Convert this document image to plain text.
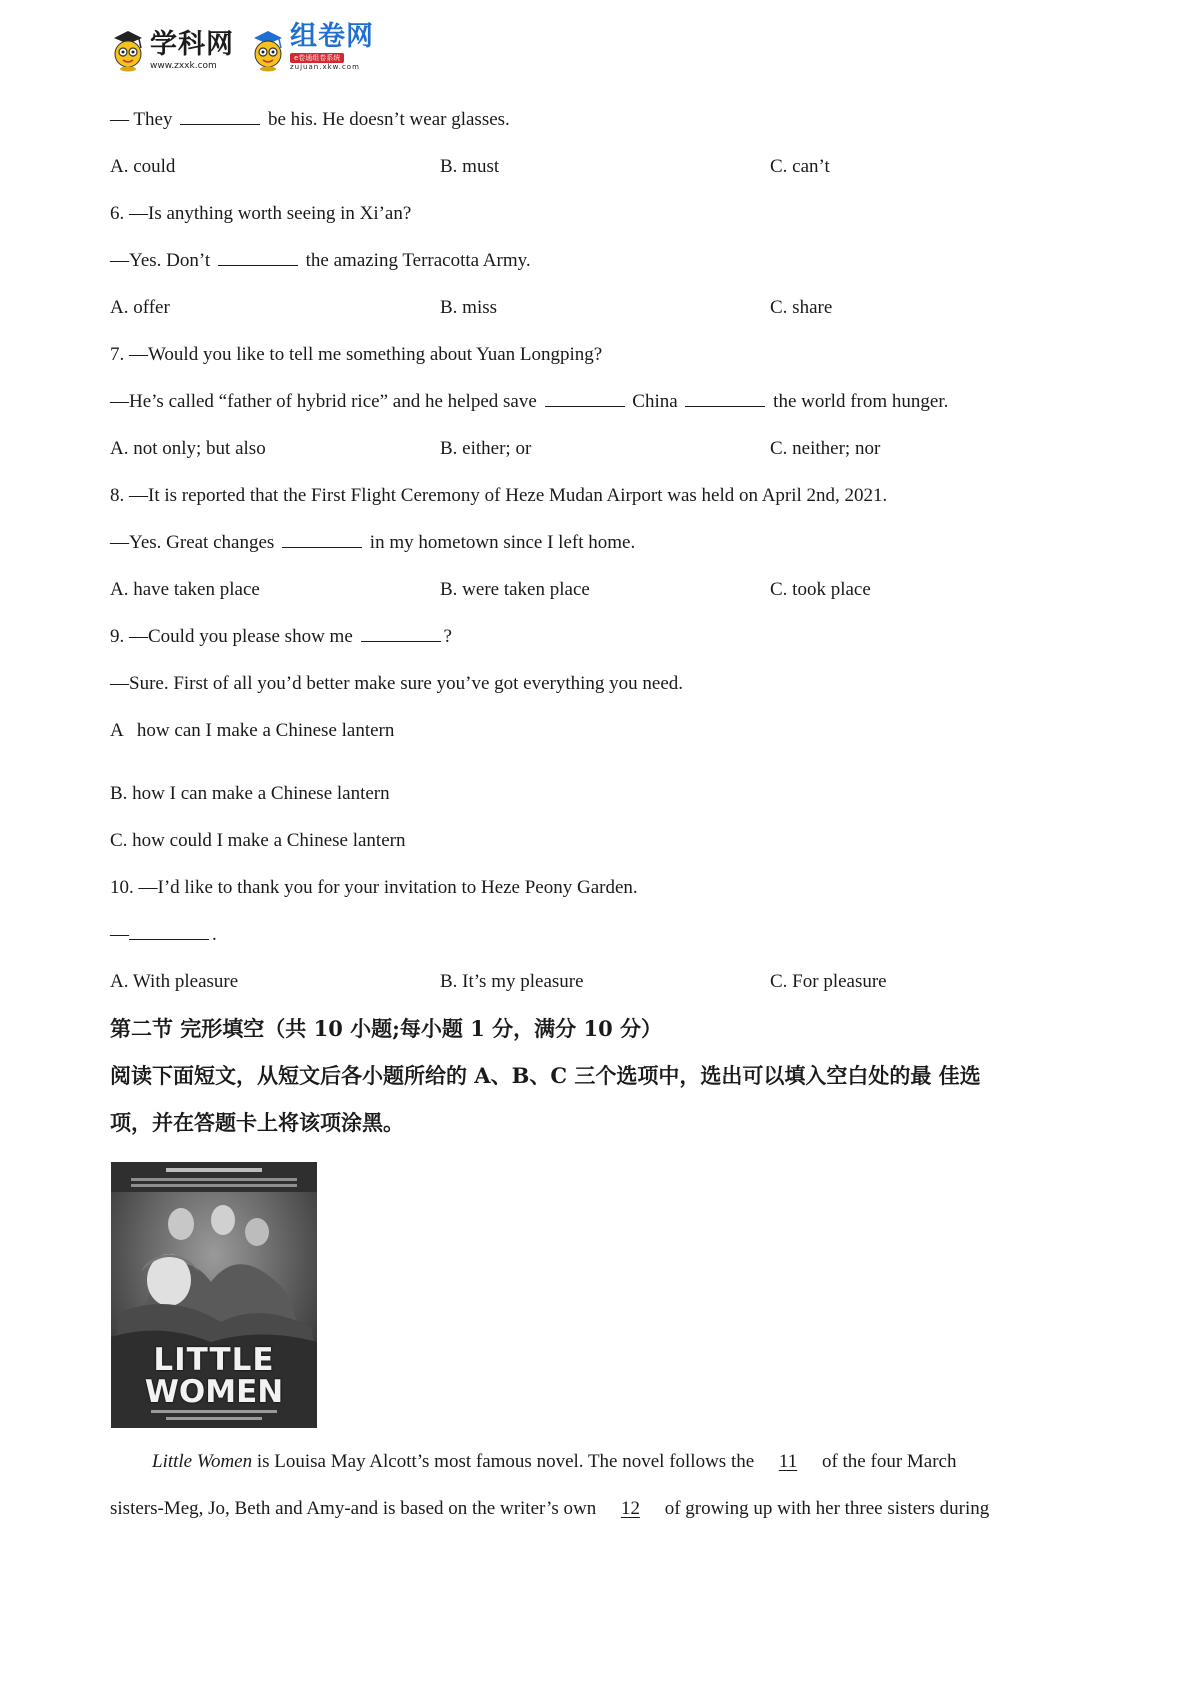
学科网
www.zxxk.com
组卷网
e卷通组卷系统
zujuan.xkw.com
— They	be his. He doesn’t wear glasses.
A. could	B. must	C. can’t
6. —Is anything worth seeing in Xi’an?
—Yes. Don’t	the amazing Terracotta Army.
A. offer	B. miss	C. share
7. —Would you like to tell me something about Yuan Longping?
—He’s called “father of hybrid rice” and he helped save	China	the world from hunger.
A. not only; but also	B. either; or	C. neither; nor
8. —It is reported that the First Flight Ceremony of Heze Mudan Airport was held on April 2nd, 2021.
—Yes. Great changes	in my hometown since I left home.
A. have taken place	B. were taken place	C. took place
9. —Could you please show me	?
—Sure. First of all you’d better make sure you’ve got everything you need.
A   how can I make a Chinese lantern
B. how I can make a Chinese lantern
C. how could I make a Chinese lantern
10. —I’d like to thank you for your invitation to Heze Peony Garden.
—	.
A. With pleasure	B. It’s my pleasure	C. For pleasure
第二节 完形填空（共 10 小题;每小题 1 分，满分 10 分）
阅读下面短文，从短文后各小题所给的 A、B、C 三个选项中，选出可以填入空白处的最 佳选
项，并在答题卡上将该项涂黑。
LITTLE
WOMEN
Little Women is Louisa May Alcott’s most famous novel. The novel follows the 11 of the four March
sisters-Meg, Jo, Beth and Amy-and is based on the writer’s own 12 of growing up with her three sisters during
